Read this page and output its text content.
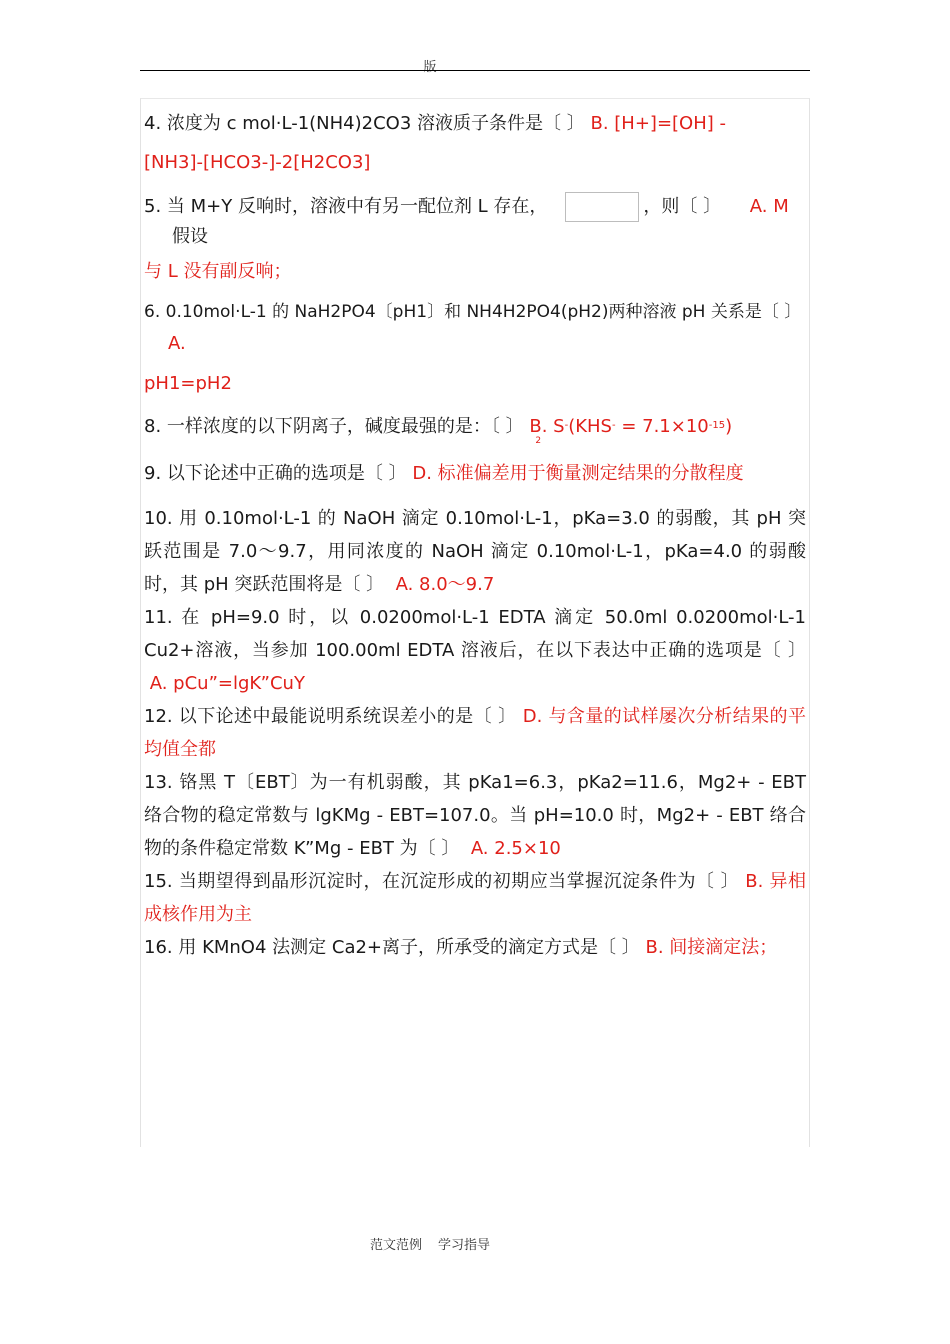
版

4. 浓度为 c mol·L-1(NH4)2CO3 溶液质子条件是〔 〕 B. [H+]=[OH] -
[NH3]-[HCO3-]-2[H2CO3]

5. 当 M+Y 反响时，溶液中有另一配位剂 L 存在，	，则〔 〕 A. M
假设
与 L 没有副反响；
6. 0.10mol·L-1 的 NaH2PO4〔pH1〕和 NH4H2PO4(pH2)两种溶液 pH 关系是〔 〕
A.
pH1=pH2
8. 一样浓度的以下阴离子，碱度最强的是：〔 〕 B. S
2
$^-(KHS^- = 7.1\times 10^{-15})$
9. 以下论述中正确的选项是〔 〕 D. 标准偏差用于衡量测定结果的分散程度
10. 用 0.10mol·L-1 的 NaOH 滴定 0.10mol·L-1，pKa=3.0 的弱酸，其 pH 突跃范围是 7.0～9.7，用同浓度的 NaOH 滴定 0.10mol·L-1，pKa=4.0 的弱酸时，其 pH 突跃范围将是〔 〕 A. 8.0～9.7
11. 在 pH=9.0 时，以 0.0200mol·L-1 EDTA 滴定 50.0ml 0.0200mol·L-1 Cu2+溶液，当参加 100.00ml EDTA 溶液后，在以下表达中正确的选项是〔 〕  A. pCu”=lgK”CuY
12. 以下论述中最能说明系统误差小的是〔 〕 D. 与含量的试样屡次分析结果的平均值全都
13. 铬黑 T〔EBT〕为一有机弱酸，其 pKa1=6.3，pKa2=11.6，Mg2+ - EBT 络合物的稳定常数与 lgKMg - EBT=107.0。当 pH=10.0 时，Mg2+ - EBT 络合物的条件稳定常数 K”Mg - EBT 为〔 〕 A. 2.5×10
15. 当期望得到晶形沉淀时，在沉淀形成的初期应当掌握沉淀条件为〔 〕 B. 异相成核作用为主
16. 用 KMnO4 法测定 Ca2+离子，所承受的滴定方式是〔 〕 B. 间接滴定法；
范文范例 学习指导
